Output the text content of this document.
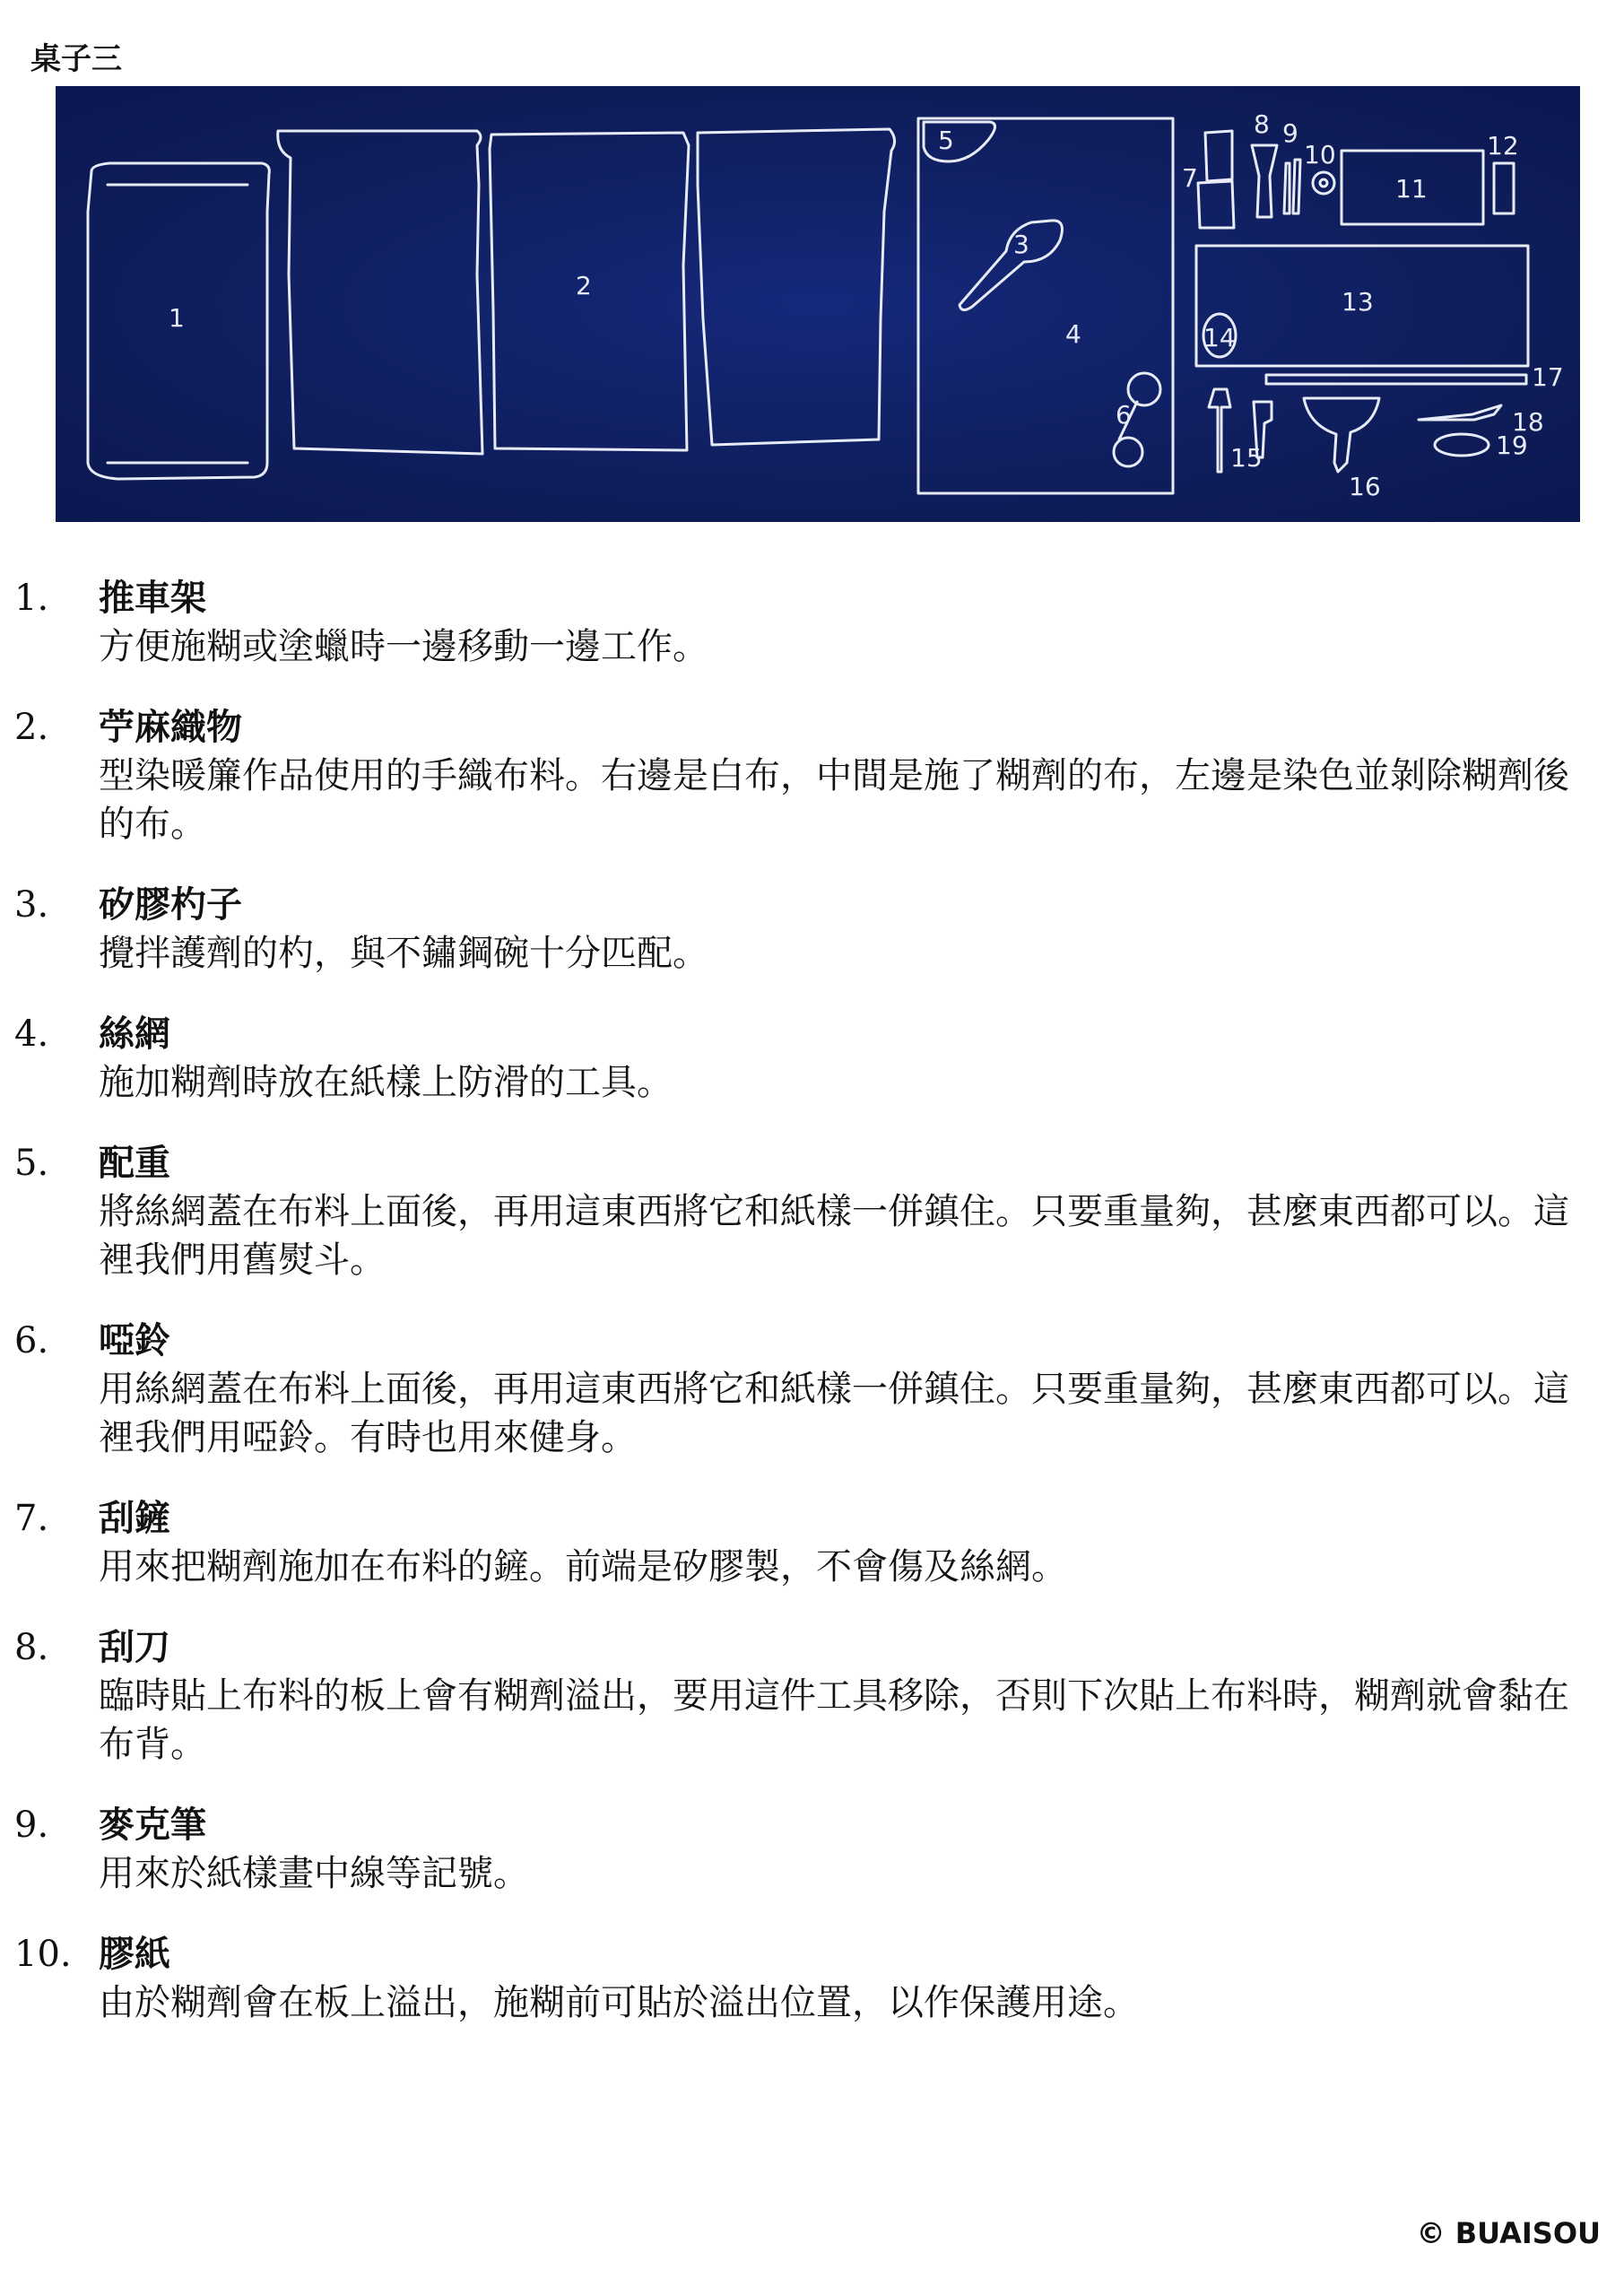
桌子三
1
2
3
4
5
6
7
8 9
10
11
12
13
14
15
16
17
18
19
1. 推車架
方便施糊或塗蠟時一邊移動一邊工作。
2. 苧麻織物
型染暖簾作品使用的手織布料。右邊是白布，中間是施了糊劑的布，左邊是染色並剝除糊劑後的布。
3. 矽膠杓子
攪拌護劑的杓，與不鏽鋼碗十分匹配。
4. 絲網
施加糊劑時放在紙樣上防滑的工具。
5. 配重
將絲網蓋在布料上面後，再用這東西將它和紙樣一併鎮住。只要重量夠，甚麼東西都可以。這裡我們用舊熨斗。
6. 啞鈴
用絲網蓋在布料上面後，再用這東西將它和紙樣一併鎮住。只要重量夠，甚麼東西都可以。這裡我們用啞鈴。有時也用來健身。
7. 刮鏟
用來把糊劑施加在布料的鏟。前端是矽膠製，不會傷及絲網。
8. 刮刀
臨時貼上布料的板上會有糊劑溢出，要用這件工具移除，否則下次貼上布料時，糊劑就會黏在布背。
9. 麥克筆
用來於紙樣畫中線等記號。
10. 膠紙
由於糊劑會在板上溢出，施糊前可貼於溢出位置，以作保護用途。
© BUAISOU
